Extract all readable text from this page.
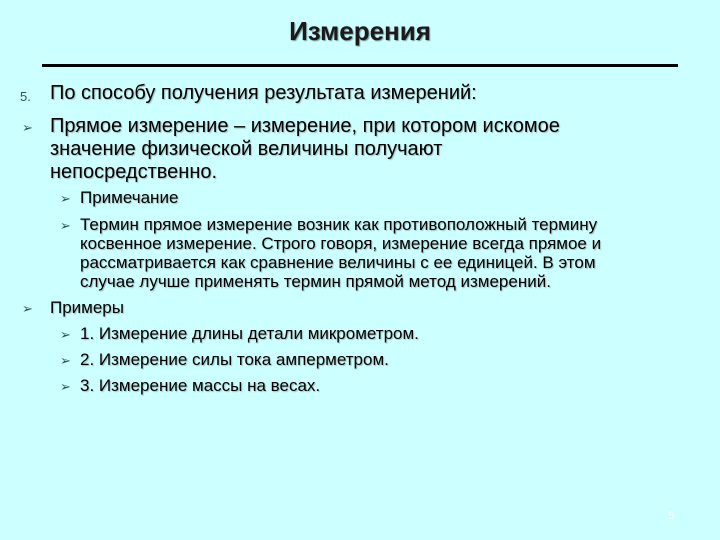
Измерения
5. По способу получения результата измерений:
➢ Прямое измерение – измерение, при котором искомое
значение физической величины получают
непосредственно.
➢ Примечание
➢ Термин прямое измерение возник как противоположный термину
косвенное измерение. Строго говоря, измерение всегда прямое и
рассматривается как сравнение величины с ее единицей. В этом
случае лучше применять термин прямой метод измерений.
➢ Примеры
➢ 1. Измерение длины детали микрометром.
➢ 2. Измерение силы тока амперметром.
➢ 3. Измерение массы на весах.
5
